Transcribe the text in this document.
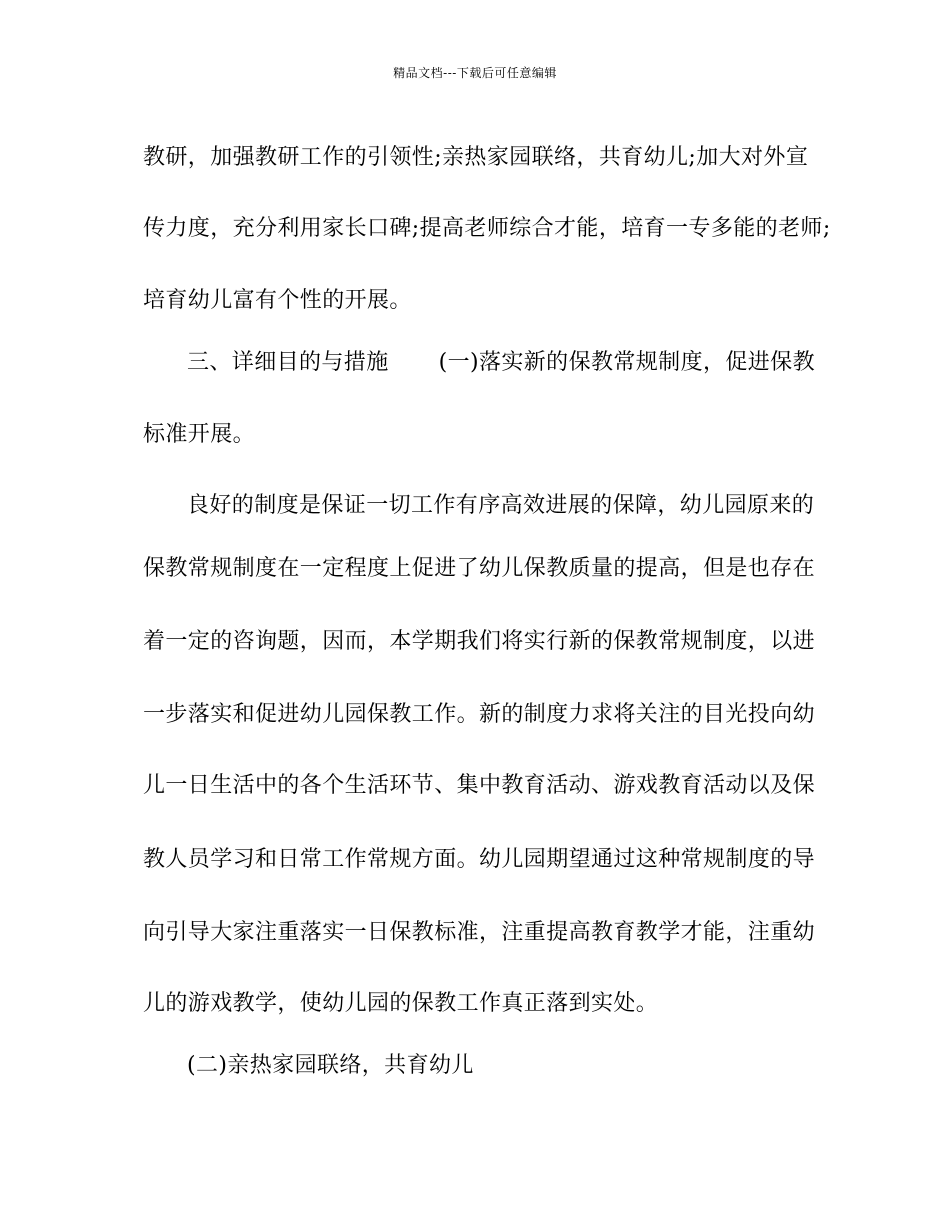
精品文档---下载后可任意编辑
教研，加强教研工作的引领性;亲热家园联络，共育幼儿;加大对外宣
传力度，充分利用家长口碑;提高老师综合才能，培育一专多能的老师;
培育幼儿富有个性的开展。
三、详细目的与措施 (一)落实新的保教常规制度，促进保教
标准开展。
良好的制度是保证一切工作有序高效进展的保障，幼儿园原来的
保教常规制度在一定程度上促进了幼儿保教质量的提高，但是也存在
着一定的咨询题，因而，本学期我们将实行新的保教常规制度，以进
一步落实和促进幼儿园保教工作。新的制度力求将关注的目光投向幼
儿一日生活中的各个生活环节、集中教育活动、游戏教育活动以及保
教人员学习和日常工作常规方面。幼儿园期望通过这种常规制度的导
向引导大家注重落实一日保教标准，注重提高教育教学才能，注重幼
儿的游戏教学，使幼儿园的保教工作真正落到实处。
(二)亲热家园联络，共育幼儿
